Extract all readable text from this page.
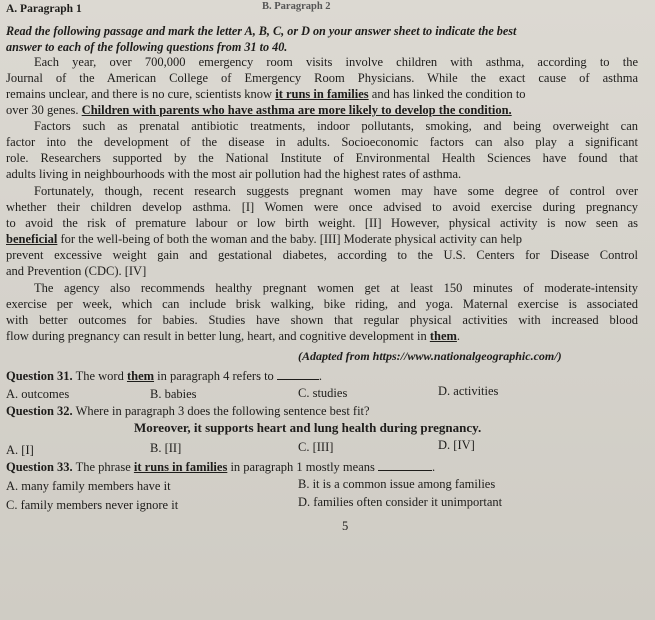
A. Paragraph 1	B. Paragraph 2
Read the following passage and mark the letter A, B, C, or D on your answer sheet to indicate the best
answer to each of the following questions from 31 to 40.
Each year, over 700,000 emergency room visits involve children with asthma, according to the
Journal of the American College of Emergency Room Physicians. While the exact cause of asthma
remains unclear, and there is no cure, scientists know it runs in families and has linked the condition to
over 30 genes. Children with parents who have asthma are more likely to develop the condition.
Factors such as prenatal antibiotic treatments, indoor pollutants, smoking, and being overweight can
factor into the development of the disease in adults. Socioeconomic factors can also play a significant
role. Researchers supported by the National Institute of Environmental Health Sciences have found that
adults living in neighbourhoods with the most air pollution had the highest rates of asthma.
Fortunately, though, recent research suggests pregnant women may have some degree of control over
whether their children develop asthma. [I] Women were once advised to avoid exercise during pregnancy
to avoid the risk of premature labour or low birth weight. [II] However, physical activity is now seen as
beneficial for the well-being of both the woman and the baby. [III] Moderate physical activity can help
prevent excessive weight gain and gestational diabetes, according to the U.S. Centers for Disease Control
and Prevention (CDC). [IV]
The agency also recommends healthy pregnant women get at least 150 minutes of moderate-intensity
exercise per week, which can include brisk walking, bike riding, and yoga. Maternal exercise is associated
with better outcomes for babies. Studies have shown that regular physical activities with increased blood
flow during pregnancy can result in better lung, heart, and cognitive development in them.
(Adapted from https://www.nationalgeographic.com/)
Question 31. The word them in paragraph 4 refers to	.
A. outcomes	B. babies	C. studies	D. activities
Question 32. Where in paragraph 3 does the following sentence best fit?
Moreover, it supports heart and lung health during pregnancy.
A. [I]	B. [II]	C. [III]	D. [IV]
Question 33. The phrase it runs in families in paragraph 1 mostly means	.
A. many family members have it	B. it is a common issue among families
C. family members never ignore it	D. families often consider it unimportant
5
